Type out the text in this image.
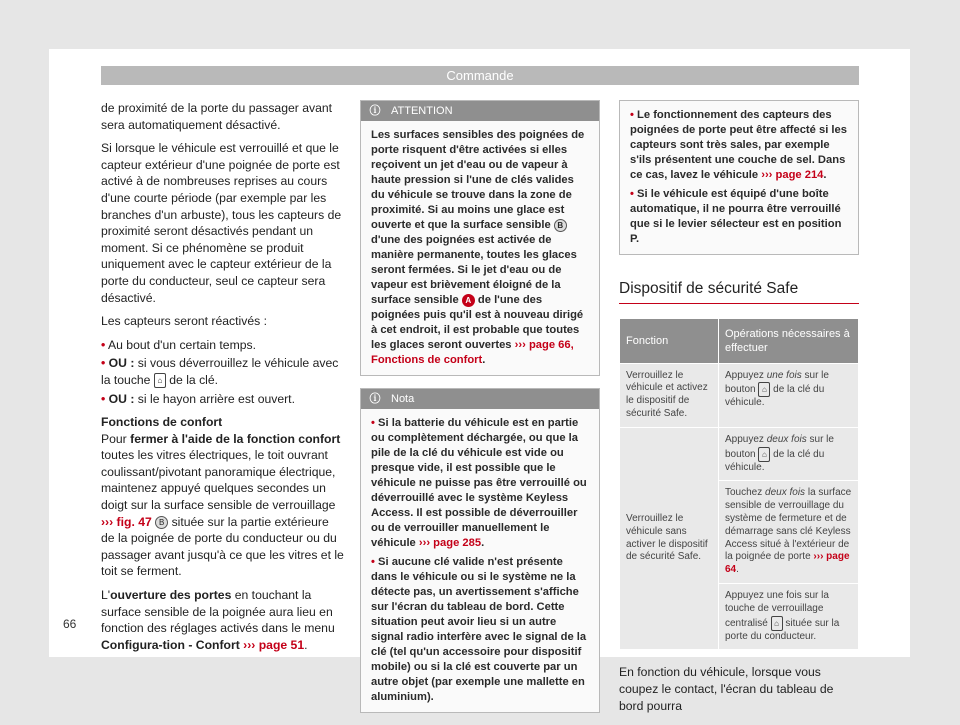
Commande

de proximité de la porte du passager avant sera automatiquement désactivé.

Si lorsque le véhicule est verrouillé et que le capteur extérieur d'une poignée de porte est activé à de nombreuses reprises au cours d'une courte période (par exemple par les branches d'un arbuste), tous les capteurs de proximité seront désactivés pendant un moment. Si ce phénomène se produit uniquement avec le capteur extérieur de la porte du conducteur, seul ce capteur sera désactivé.

Les capteurs seront réactivés :

• Au bout d'un certain temps.

• OU : si vous déverrouillez le véhicule avec la touche ⌂ de la clé.

• OU : si le hayon arrière est ouvert.

Fonctions de confort

Pour fermer à l'aide de la fonction confort toutes les vitres électriques, le toit ouvrant coulissant/pivotant panoramique électrique, maintenez appuyé quelques secondes un doigt sur la surface sensible de verrouillage ››› fig. 47 B située sur la partie extérieure de la poignée de porte du conducteur ou du passager avant jusqu'à ce que les vitres et le toit se ferment.

L'ouverture des portes en touchant la surface sensible de la poignée aura lieu en fonction des réglages activés dans le menu Configura-tion - Confort ››› page 51.

ⓘ ATTENTION
Les surfaces sensibles des poignées de porte risquent d'être activées si elles reçoivent un jet d'eau ou de vapeur à haute pression si l'une de clés valides du véhicule se trouve dans la zone de proximité. Si au moins une glace est ouverte et que la surface sensible B d'une des poignées est activée de manière permanente, toutes les glaces seront fermées. Si le jet d'eau ou de vapeur est brièvement éloigné de la surface sensible A de l'une des poignées puis qu'il est à nouveau dirigé à cet endroit, il est probable que toutes les glaces seront ouvertes ››› page 66, Fonctions de confort.
ⓘ Nota

• Si la batterie du véhicule est en partie ou complètement déchargée, ou que la pile de la clé du véhicule est vide ou presque vide, il est possible que le véhicule ne puisse pas être verrouillé ou déverrouillé avec le système Keyless Access. Il est possible de déverrouiller ou de verrouiller manuellement le véhicule ››› page 285.

• Si aucune clé valide n'est présente dans le véhicule ou si le système ne la détecte pas, un avertissement s'affiche sur l'écran du tableau de bord. Cette situation peut avoir lieu si un autre signal radio interfère avec le signal de la clé (tel qu'un accessoire pour dispositif mobile) ou si la clé est couverte par un autre objet (par exemple une mallette en aluminium).

• Le fonctionnement des capteurs des poignées de porte peut être affecté si les capteurs sont très sales, par exemple s'ils présentent une couche de sel. Dans ce cas, lavez le véhicule ››› page 214.

• Si le véhicule est équipé d'une boîte automatique, il ne pourra être verrouillé que si le levier sélecteur est en position P.

Dispositif de sécurité Safe
Fonction	Opérations nécessaires à effectuer
Verrouillez le véhicule et activez le dispositif de sécurité Safe.	Appuyez une fois sur le bouton ⌂ de la clé du véhicule.
Verrouillez le véhicule sans activer le dispositif de sécurité Safe.	Appuyez deux fois sur le bouton ⌂ de la clé du véhicule.
	Touchez deux fois la surface sensible de verrouillage du système de fermeture et de démarrage sans clé Keyless Access situé à l'extérieur de la poignée de porte ››› page 64.
	Appuyez une fois sur la touche de verrouillage centralisé ⌂ située sur la porte du conducteur.
En fonction du véhicule, lorsque vous coupez le contact, l'écran du tableau de bord pourra
66
